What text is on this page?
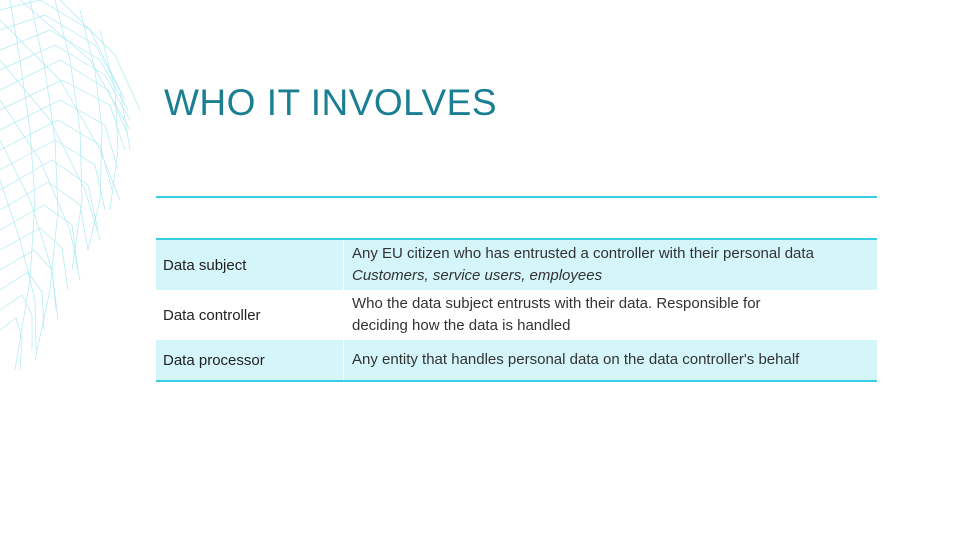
WHO IT INVOLVES
Data subject
Any EU citizen who has entrusted a controller with their personal data
Customers, service users, employees
Data controller
Who the data subject entrusts with their data. Responsible for
deciding how the data is handled
Data processor	Any entity that handles personal data on the data controller's behalf
